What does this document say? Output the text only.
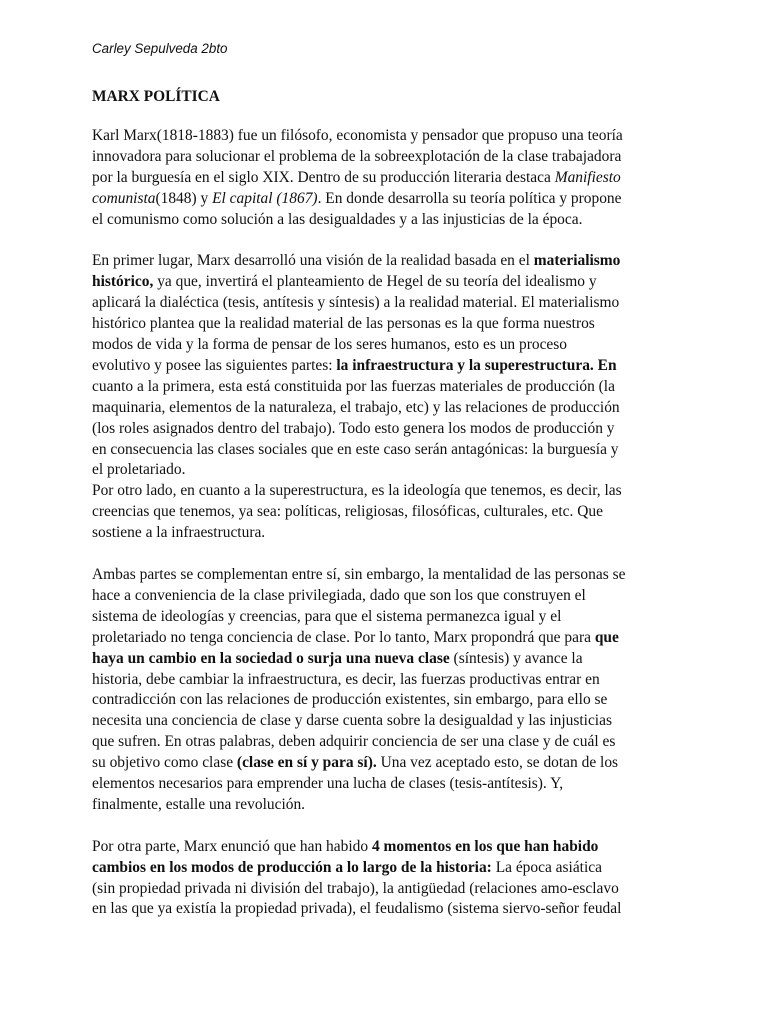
Carley Sepulveda 2bto
MARX POLÍTICA

Karl Marx(1818-1883) fue un filósofo, economista y pensador que propuso una teoría
innovadora para solucionar el problema de la sobreexplotación de la clase trabajadora
por la burguesía en el siglo XIX. Dentro de su producción literaria destaca Manifiesto
comunista(1848) y El capital (1867). En donde desarrolla su teoría política y propone
el comunismo como solución a las desigualdades y a las injusticias de la época.

En primer lugar, Marx desarrolló una visión de la realidad basada en el materialismo
histórico, ya que, invertirá el planteamiento de Hegel de su teoría del idealismo y
aplicará la dialéctica (tesis, antítesis y síntesis) a la realidad material. El materialismo
histórico plantea que la realidad material de las personas es la que forma nuestros
modos de vida y la forma de pensar de los seres humanos, esto es un proceso
evolutivo y posee las siguientes partes: la infraestructura y la superestructura. En
cuanto a la primera, esta está constituida por las fuerzas materiales de producción (la
maquinaria, elementos de la naturaleza, el trabajo, etc) y las relaciones de producción
(los roles asignados dentro del trabajo). Todo esto genera los modos de producción y
en consecuencia las clases sociales que en este caso serán antagónicas: la burguesía y
el proletariado.

Por otro lado, en cuanto a la superestructura, es la ideología que tenemos, es decir, las
creencias que tenemos, ya sea: políticas, religiosas, filosóficas, culturales, etc. Que
sostiene a la infraestructura.

Ambas partes se complementan entre sí, sin embargo, la mentalidad de las personas se
hace a conveniencia de la clase privilegiada, dado que son los que construyen el
sistema de ideologías y creencias, para que el sistema permanezca igual y el
proletariado no tenga conciencia de clase. Por lo tanto, Marx propondrá que para que
haya un cambio en la sociedad o surja una nueva clase (síntesis) y avance la
historia, debe cambiar la infraestructura, es decir, las fuerzas productivas entrar en
contradicción con las relaciones de producción existentes, sin embargo, para ello se
necesita una conciencia de clase y darse cuenta sobre la desigualdad y las injusticias
que sufren. En otras palabras, deben adquirir conciencia de ser una clase y de cuál es
su objetivo como clase (clase en sí y para sí). Una vez aceptado esto, se dotan de los
elementos necesarios para emprender una lucha de clases (tesis-antítesis). Y,
finalmente, estalle una revolución.

Por otra parte, Marx enunció que han habido 4 momentos en los que han habido
cambios en los modos de producción a lo largo de la historia: La época asiática
(sin propiedad privada ni división del trabajo), la antigüedad (relaciones amo-esclavo
en las que ya existía la propiedad privada), el feudalismo (sistema siervo-señor feudal
